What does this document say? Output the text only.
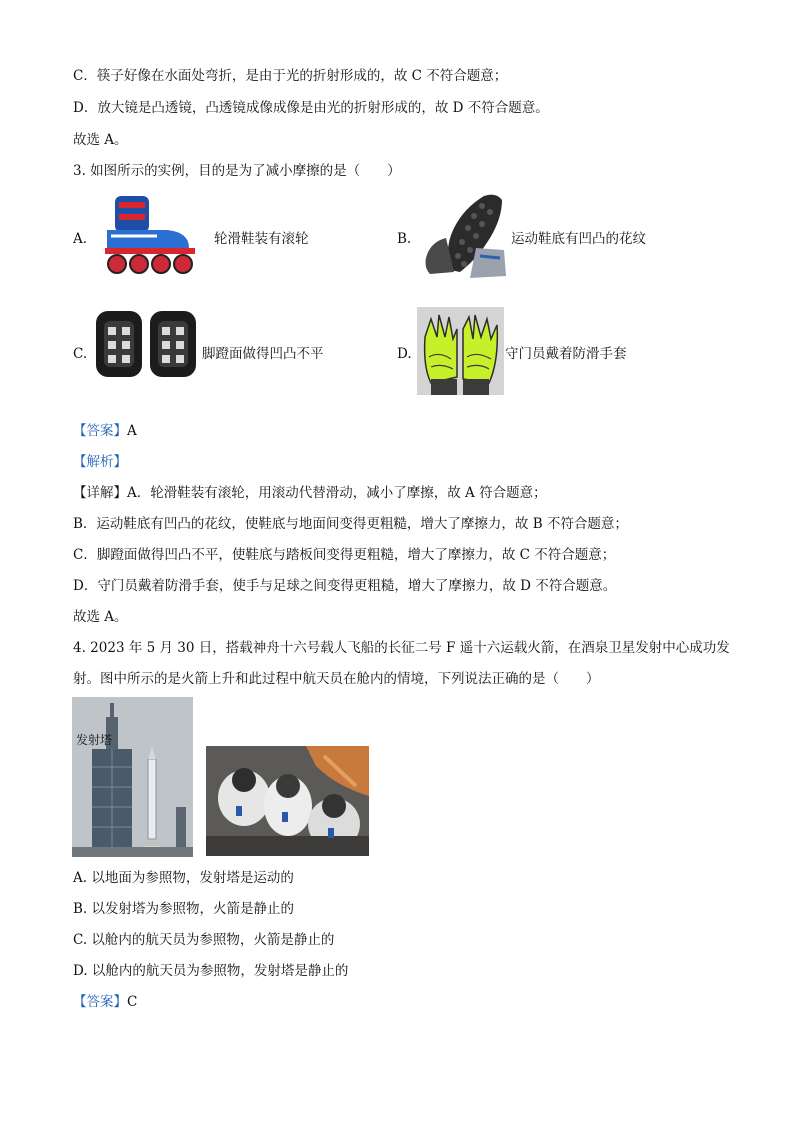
C．筷子好像在水面处弯折，是由于光的折射形成的，故 C 不符合题意；
D．放大镜是凸透镜，凸透镜成像成像是由光的折射形成的，故 D 不符合题意。
故选 A。
3. 如图所示的实例，目的是为了减小摩擦的是（　　）
A.	轮滑鞋装有滚轮	B.	运动鞋底有凹凸的花纹
C.	脚蹬面做得凹凸不平	D.	守门员戴着防滑手套
【答案】A
【解析】
【详解】A．轮滑鞋装有滚轮，用滚动代替滑动，减小了摩擦，故 A 符合题意；
B．运动鞋底有凹凸的花纹，使鞋底与地面间变得更粗糙，增大了摩擦力，故 B 不符合题意；
C．脚蹬面做得凹凸不平，使鞋底与踏板间变得更粗糙，增大了摩擦力，故 C 不符合题意；
D．守门员戴着防滑手套，使手与足球之间变得更粗糙，增大了摩擦力，故 D 不符合题意。
故选 A。
4. 2023 年 5 月 30 日，搭载神舟十六号载人飞船的长征二号 F 遥十六运载火箭，在酒泉卫星发射中心成功发
射。图中所示的是火箭上升和此过程中航天员在舱内的情境，下列说法正确的是（　　）
发射塔
A. 以地面为参照物，发射塔是运动的
B. 以发射塔为参照物，火箭是静止的
C. 以舱内的航天员为参照物，火箭是静止的
D. 以舱内的航天员为参照物，发射塔是静止的
【答案】C
